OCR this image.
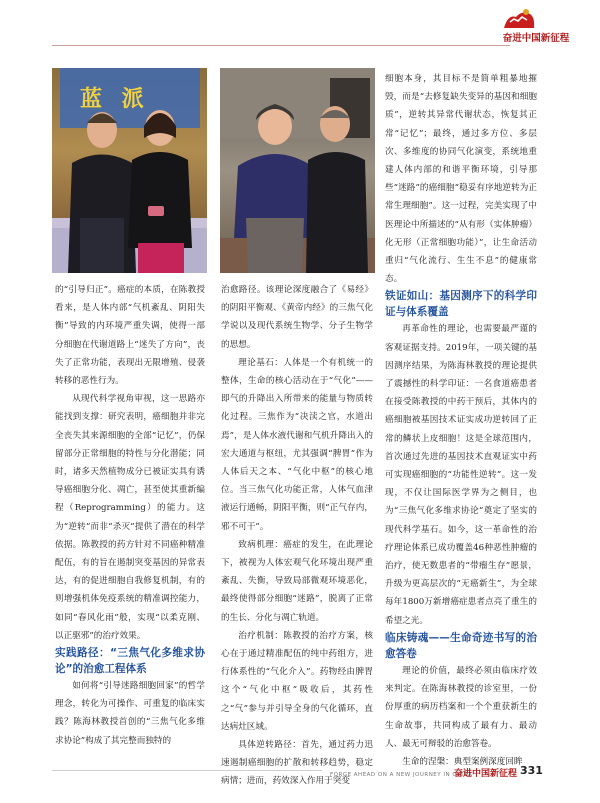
奋进中国新征程
蓝 派

的“引导归正”。癌症的本质，在陈教授看来，是人体内部“气机紊乱、阴阳失衡”导致的内环境严重失调，使得一部分细胞在代谢道路上“迷失了方向”，丧失了正常功能，表现出无限增殖、侵袭转移的恶性行为。

从现代科学视角审视，这一思路亦能找到支撑：研究表明，癌细胞并非完全丧失其来源细胞的全部“记忆”，仍保留部分正常细胞的特性与分化潜能；同时，诸多天然植物成分已被证实具有诱导癌细胞分化、凋亡，甚至使其重新编程（Reprogramming）的能力。这为“逆转”而非“杀灭”提供了潜在的科学依据。陈教授的药方针对不同癌种精准配伍，有的旨在遏制突变基因的异常表达，有的促进细胞自我修复机制，有的则增强机体免疫系统的精准调控能力，如同“春风化雨”般，实现“以柔克刚、以正驱邪”的治疗效果。

实践路径：“三焦气化多维求协论”的治愈工程体系

如何将“引导迷路细胞回家”的哲学理念，转化为可操作、可重复的临床实践？陈海林教授首创的“三焦气化多维求协论”构成了其完整而独特的

治愈路径。该理论深度融合了《易经》的阴阳平衡观、《黄帝内经》的三焦气化学说以及现代系统生物学、分子生物学的思想。

理论基石：人体是一个有机统一的整体，生命的核心活动在于“气化”——即气的升降出入所带来的能量与物质转化过程。三焦作为“决渎之官，水道出焉”，是人体水液代谢和气机升降出入的宏大通道与枢纽，尤其强调“脾胃”作为人体后天之本、“气化中枢”的核心地位。当三焦气化功能正常，人体气血津液运行通畅，阴阳平衡，则“正气存内，邪不可干”。

致病机理：癌症的发生，在此理论下，被视为人体宏观气化环境出现严重紊乱、失衡，导致局部微观环境恶化，最终使得部分细胞“迷路”，脱离了正常的生长、分化与凋亡轨道。

治疗机制：陈教授的治疗方案，核心在于通过精准配伍的纯中药组方，进行体系性的“气化介入”。药物经由脾胃这个“气化中枢”吸收后，其药性之“气”参与并引导全身的气化循环，直达病灶区域。

具体逆转路径：首先，通过药力迅速遏制癌细胞的扩散和转移趋势，稳定病情；进而，药效深入作用于突变

细胞本身，其目标不是简单粗暴地摧毁，而是“去修复缺失变异的基因和细胞质”，逆转其异常代谢状态，恢复其正常“记忆”；最终，通过多方位、多层次、多维度的协同气化演变，系统地重建人体内部的和谐平衡环境，引导那些“迷路”的癌细胞“稳妥有序地逆转为正常生理细胞”。这一过程，完美实现了中医理论中所描述的“从有形（实体肿瘤）化无形（正常细胞功能）”，让生命活动重归“气化流行、生生不息”的健康常态。

铁证如山：基因测序下的科学印证与体系覆盖

再革命性的理论，也需要最严谨的客观证据支持。2019年，一项关键的基因测序结果，为陈海林教授的理论提供了震撼性的科学印证：一名食道癌患者在接受陈教授的中药干预后，其体内的癌细胞被基因技术证实成功逆转回了正常的鳞状上皮细胞！这是全球范围内，首次通过先进的基因技术直观证实中药可实现癌细胞的“功能性逆转”。这一发现，不仅让国际医学界为之侧目，也为“三焦气化多维求协论”奠定了坚实的现代科学基石。如今，这一革命性的治疗理论体系已成功覆盖46种恶性肿瘤的治疗，使无数患者的“带瘤生存”愿景，升级为更高层次的“无癌新生”，为全球每年1800万新增癌症患者点亮了重生的希望之光。

临床铸魂——生命奇迹书写的治愈答卷

理论的价值，最终必须由临床疗效来判定。在陈海林教授的诊室里，一份份厚重的病历档案和一个个重获新生的生命故事，共同构成了最有力、最动人、最无可辩驳的治愈答卷。

生命的涅槃：典型案例深度回眸

FORGE AHEAD ON A NEW JOURNEY IN CHINA
奋进中国新征程 331
